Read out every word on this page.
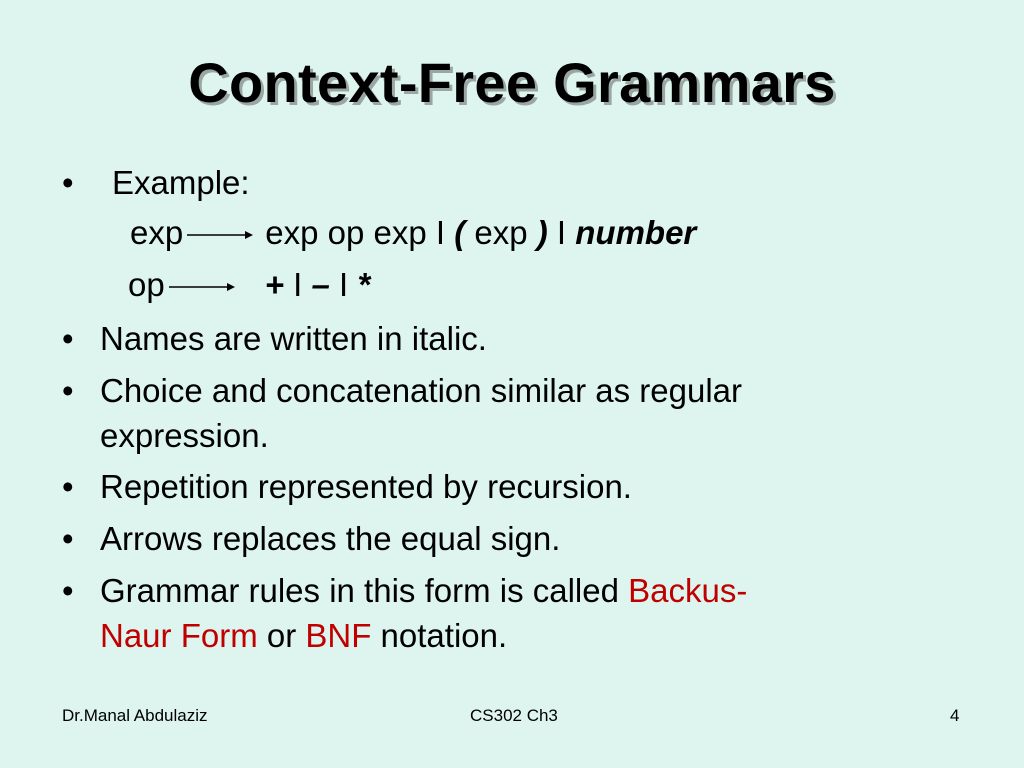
Context-Free Grammars
• Example:
exp exp op exp I ( exp ) I number
op	+ I – I *
• Names are written in italic.
• Choice and concatenation similar as regular
expression.
• Repetition represented by recursion.
• Arrows replaces the equal sign.
• Grammar rules in this form is called Backus-
Naur Form or BNF notation.
Dr.Manal Abdulaziz	CS302 Ch3	4
